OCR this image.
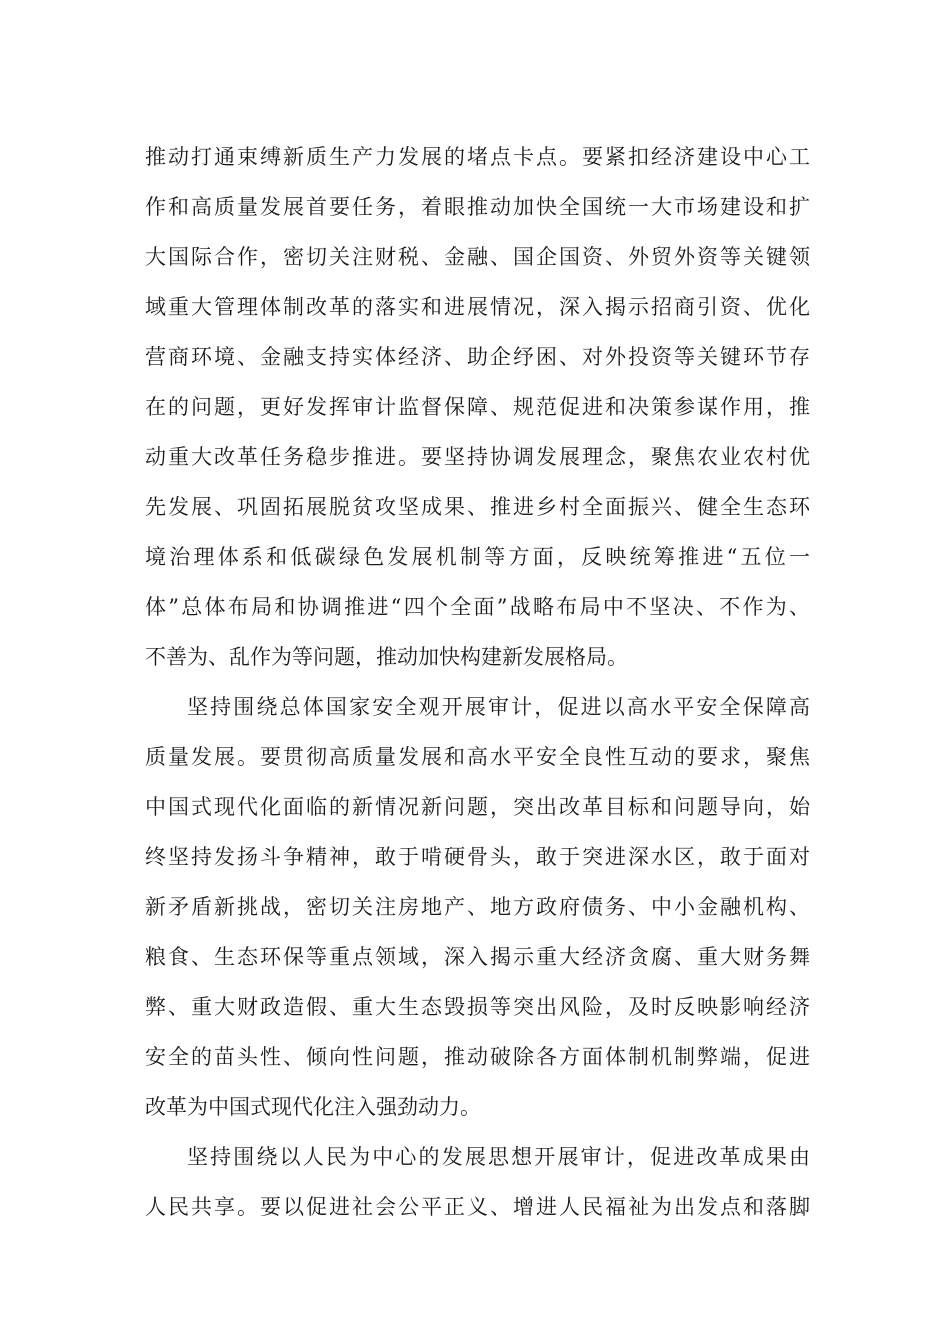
推动打通束缚新质生产力发展的堵点卡点。要紧扣经济建设中心工
作和高质量发展首要任务，着眼推动加快全国统一大市场建设和扩
大国际合作，密切关注财税、金融、国企国资、外贸外资等关键领
域重大管理体制改革的落实和进展情况，深入揭示招商引资、优化
营商环境、金融支持实体经济、助企纾困、对外投资等关键环节存
在的问题，更好发挥审计监督保障、规范促进和决策参谋作用，推
动重大改革任务稳步推进。要坚持协调发展理念，聚焦农业农村优
先发展、巩固拓展脱贫攻坚成果、推进乡村全面振兴、健全生态环
境治理体系和低碳绿色发展机制等方面，反映统筹推进“五位一
体”总体布局和协调推进“四个全面”战略布局中不坚决、不作为、
不善为、乱作为等问题，推动加快构建新发展格局。
坚持围绕总体国家安全观开展审计，促进以高水平安全保障高
质量发展。要贯彻高质量发展和高水平安全良性互动的要求，聚焦
中国式现代化面临的新情况新问题，突出改革目标和问题导向，始
终坚持发扬斗争精神，敢于啃硬骨头，敢于突进深水区，敢于面对
新矛盾新挑战，密切关注房地产、地方政府债务、中小金融机构、
粮食、生态环保等重点领域，深入揭示重大经济贪腐、重大财务舞
弊、重大财政造假、重大生态毁损等突出风险，及时反映影响经济
安全的苗头性、倾向性问题，推动破除各方面体制机制弊端，促进
改革为中国式现代化注入强劲动力。
坚持围绕以人民为中心的发展思想开展审计，促进改革成果由
人民共享。要以促进社会公平正义、增进人民福祉为出发点和落脚
